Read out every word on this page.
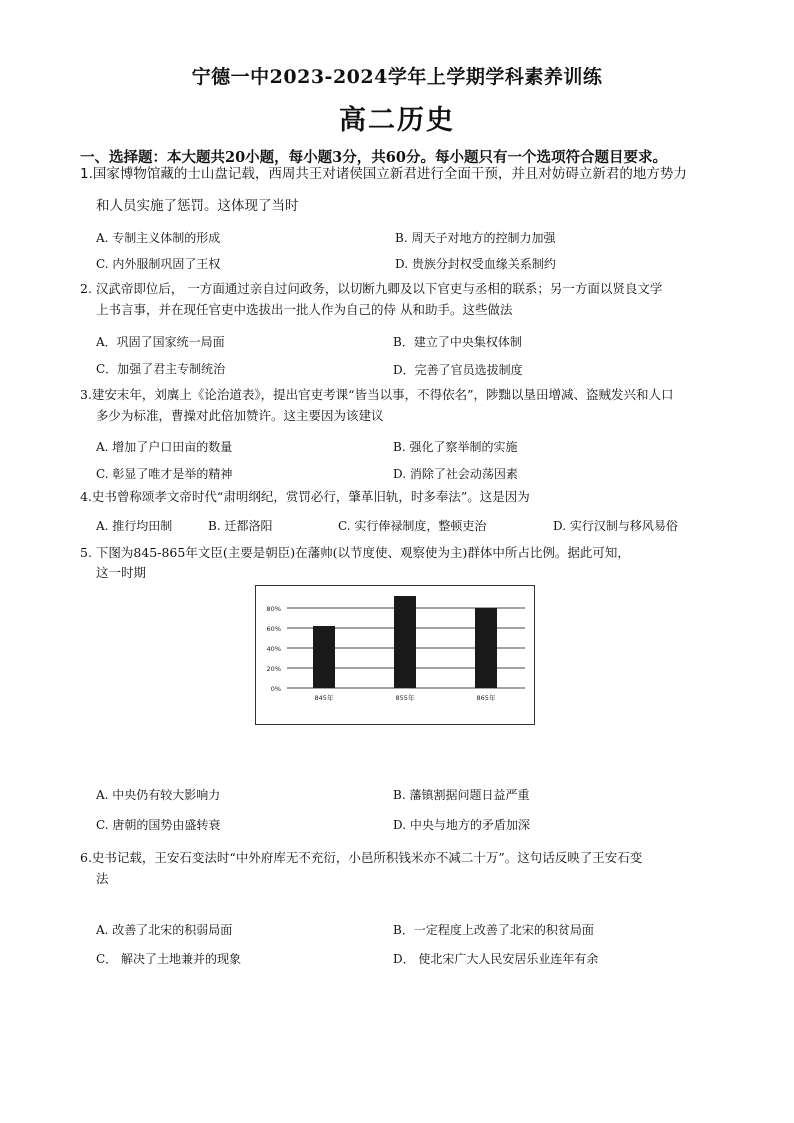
宁德一中2023-2024学年上学期学科素养训练
高二历史
一、选择题：本大题共20小题，每小题3分，共60分。每小题只有一个选项符合题目要求。
1.国家博物馆藏的士山盘记载，西周共王对诸侯国立新君进行全面干预，并且对妨碍立新君的地方势力
和人员实施了惩罚。这体现了当时
A. 专制主义体制的形成	B. 周天子对地方的控制力加强
C. 内外服制巩固了王权	D. 贵族分封权受血缘关系制约
2. 汉武帝即位后， 一方面通过亲自过问政务，以切断九卿及以下官吏与丞相的联系；另一方面以贤良文学
上书言事，并在现任官吏中选拔出一批人作为自己的侍 从和助手。这些做法
A．巩固了国家统一局面	B．建立了中央集权体制
C．加强了君主专制统治	D．完善了官员选拔制度
3.建安末年，刘廙上《论治道表》，提出官吏考课“皆当以事，不得依名”，陟黜以垦田增减、盗贼发兴和人口
多少为标准，曹操对此倍加赞许。这主要因为该建议
A. 增加了户口田亩的数量	B. 强化了察举制的实施
C. 彰显了唯才是举的精神	D. 消除了社会动荡因素
4.史书曾称颂孝文帝时代“肃明纲纪，赏罚必行，肇革旧轨，时多奉法”。这是因为
A. 推行均田制	B. 迁都洛阳	C. 实行俸禄制度，整顿吏治	D. 实行汉制与移风易俗
5. 下图为845-865年文臣(主要是朝臣)在藩帅(以节度使、观察使为主)群体中所占比例。据此可知，
这一时期
0%
20%
40%
60%
80%
845年	855年	865年
A. 中央仍有较大影响力	B. 藩镇割据问题日益严重
C. 唐朝的国势由盛转衰	D. 中央与地方的矛盾加深
6.史书记载，王安石变法时“中外府库无不充衍，小邑所积钱米亦不减二十万”。这句话反映了王安石变
法
A. 改善了北宋的积弱局面	B．一定程度上改善了北宋的积贫局面
C． 解决了土地兼并的现象	D． 使北宋广大人民安居乐业连年有余
